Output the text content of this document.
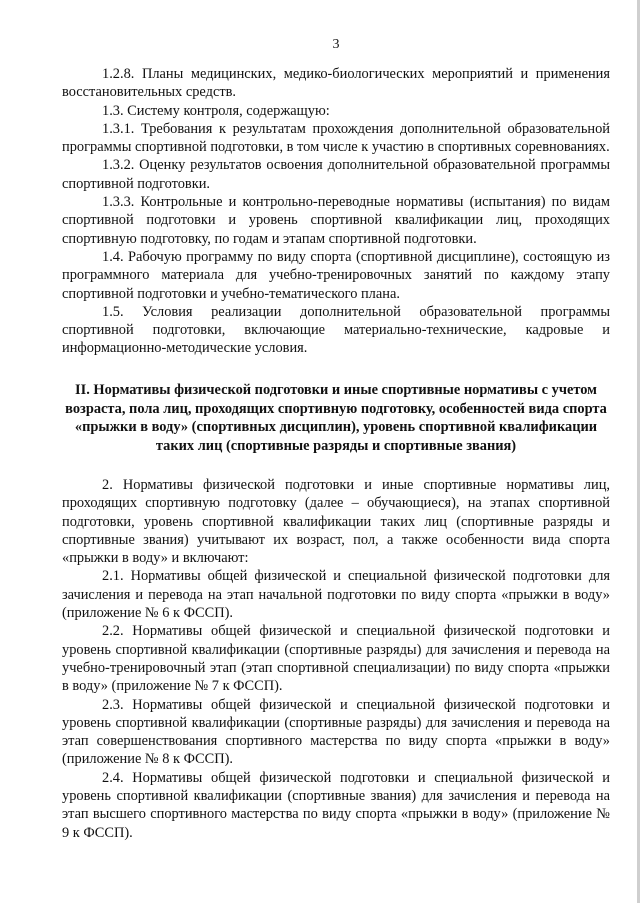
3

1.2.8. Планы медицинских, медико-биологических мероприятий и применения восстановительных средств.

1.3. Систему контроля, содержащую:

1.3.1. Требования к результатам прохождения дополнительной образовательной программы спортивной подготовки, в том числе к участию в спортивных соревнованиях.

1.3.2. Оценку результатов освоения дополнительной образовательной программы спортивной подготовки.

1.3.3. Контрольные и контрольно-переводные нормативы (испытания) по видам спортивной подготовки и уровень спортивной квалификации лиц, проходящих спортивную подготовку, по годам и этапам спортивной подготовки.

1.4. Рабочую программу по виду спорта (спортивной дисциплине), состоящую из программного материала для учебно-тренировочных занятий по каждому этапу спортивной подготовки и учебно-тематического плана.

1.5. Условия реализации дополнительной образовательной программы спортивной подготовки, включающие материально-технические, кадровые и информационно-методические условия.

II. Нормативы физической подготовки и иные спортивные нормативы с учетом возраста, пола лиц, проходящих спортивную подготовку, особенностей вида спорта «прыжки в воду» (спортивных дисциплин), уровень спортивной квалификации таких лиц (спортивные разряды и спортивные звания)

2. Нормативы физической подготовки и иные спортивные нормативы лиц, проходящих спортивную подготовку (далее – обучающиеся), на этапах спортивной подготовки, уровень спортивной квалификации таких лиц (спортивные разряды и спортивные звания) учитывают их возраст, пол, а также особенности вида спорта «прыжки в воду» и включают:

2.1. Нормативы общей физической и специальной физической подготовки для зачисления и перевода на этап начальной подготовки по виду спорта «прыжки в воду» (приложение № 6 к ФССП).

2.2. Нормативы общей физической и специальной физической подготовки и уровень спортивной квалификации (спортивные разряды) для зачисления и перевода на учебно-тренировочный этап (этап спортивной специализации) по виду спорта «прыжки в воду» (приложение № 7 к ФССП).

2.3. Нормативы общей физической и специальной физической подготовки и уровень спортивной квалификации (спортивные разряды) для зачисления и перевода на этап совершенствования спортивного мастерства по виду спорта «прыжки в воду» (приложение № 8 к ФССП).

2.4. Нормативы общей физической подготовки и специальной физической и уровень спортивной квалификации (спортивные звания) для зачисления и перевода на этап высшего спортивного мастерства по виду спорта «прыжки в воду» (приложение № 9 к ФССП).
